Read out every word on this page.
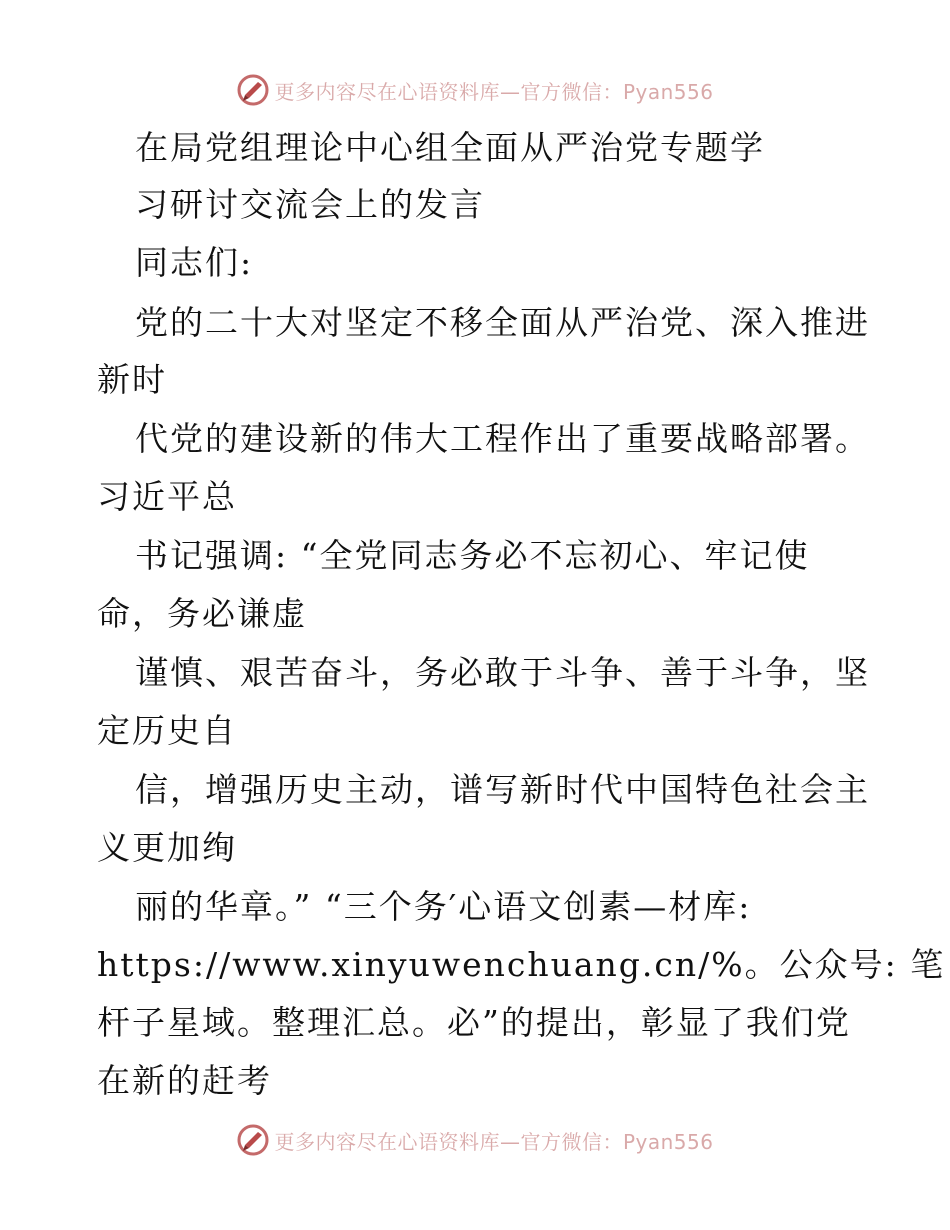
更多内容尽在心语资料库—官方微信：Pyan556
在局党组理论中心组全面从严治党专题学
习研讨交流会上的发言
同志们:
党的二十大对坚定不移全面从严治党、深入推进
新时
代党的建设新的伟大工程作出了重要战略部署。
习近平总
书记强调: “全党同志务必不忘初心、牢记使
命，务必谦虚
谨慎、艰苦奋斗，务必敢于斗争、善于斗争，坚
定历史自
信，增强历史主动，谱写新时代中国特色社会主
义更加绚
丽的华章。” “三个务′心语文创素—材库:
https://www.xinyuwenchuang.cn/%。公众号: 笔
杆子星域。整理汇总。必”的提出，彰显了我们党
在新的赶考
更多内容尽在心语资料库—官方微信：Pyan556
